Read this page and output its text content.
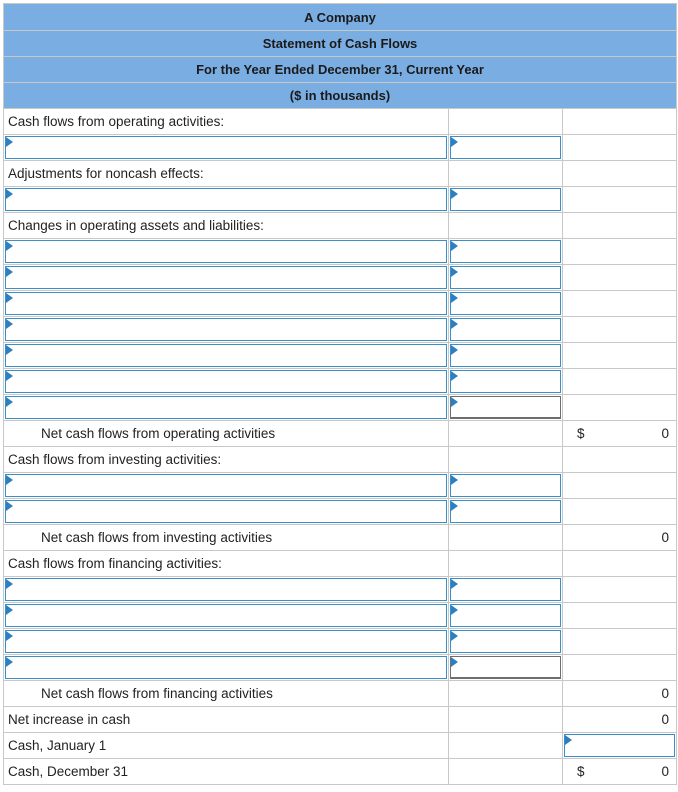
A Company		
Statement of Cash Flows		
For the Year Ended December 31, Current Year		
($ in thousands)		
Cash flows from operating activities:		

Adjustments for noncash effects:		

Changes in operating assets and liabilities:		

Net cash flows from operating activities		$ 0

Cash flows from investing activities:		

Net cash flows from investing activities		0
Cash flows from financing activities:		

Net cash flows from financing activities		0
Net increase in cash		0
Cash, January 1		

Cash, December 31		$ 0
